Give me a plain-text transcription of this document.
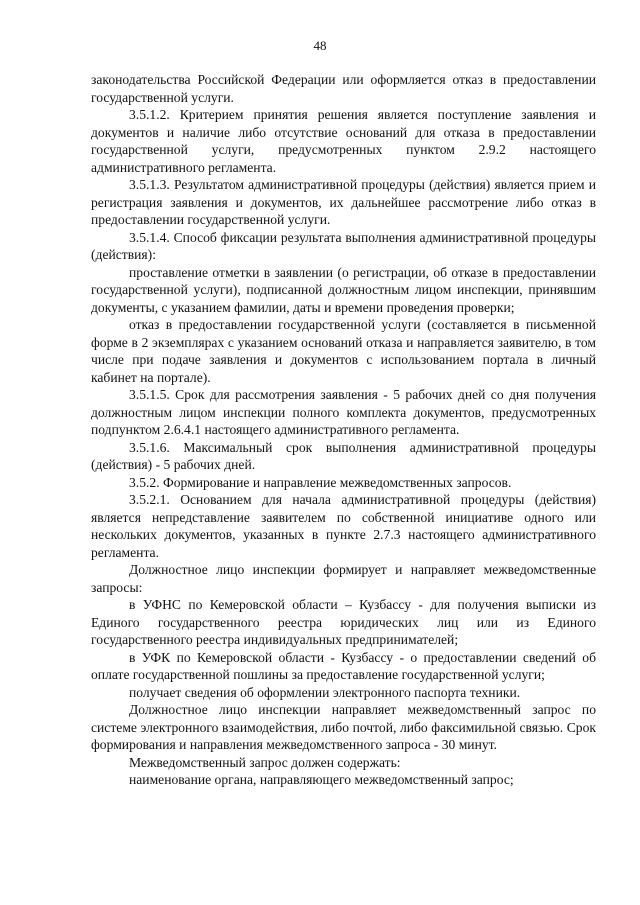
48

законодательства Российской Федерации или оформляется отказ в предоставлении государственной услуги.

3.5.1.2. Критерием принятия решения является поступление заявления и документов и наличие либо отсутствие оснований для отказа в предоставлении государственной услуги, предусмотренных пунктом 2.9.2 настоящего административного регламента.

3.5.1.3. Результатом административной процедуры (действия) является прием и регистрация заявления и документов, их дальнейшее рассмотрение либо отказ в предоставлении государственной услуги.

3.5.1.4. Способ фиксации результата выполнения административной процедуры (действия):

проставление отметки в заявлении (о регистрации, об отказе в предоставлении государственной услуги), подписанной должностным лицом инспекции, принявшим документы, с указанием фамилии, даты и времени проведения проверки;

отказ в предоставлении государственной услуги (составляется в письменной форме в 2 экземплярах с указанием оснований отказа и направляется заявителю, в том числе при подаче заявления и документов с использованием портала в личный кабинет на портале).

3.5.1.5. Срок для рассмотрения заявления - 5 рабочих дней со дня получения должностным лицом инспекции полного комплекта документов, предусмотренных подпунктом 2.6.4.1 настоящего административного регламента.

3.5.1.6. Максимальный срок выполнения административной процедуры (действия) - 5 рабочих дней.

3.5.2. Формирование и направление межведомственных запросов.

3.5.2.1. Основанием для начала административной процедуры (действия) является непредставление заявителем по собственной инициативе одного или нескольких документов, указанных в пункте 2.7.3 настоящего административного регламента.

Должностное лицо инспекции формирует и направляет межведомственные запросы:

в УФНС по Кемеровской области – Кузбассу - для получения выписки из Единого государственного реестра юридических лиц или из Единого государственного реестра индивидуальных предпринимателей;

в УФК по Кемеровской области - Кузбассу - о предоставлении сведений об оплате государственной пошлины за предоставление государственной услуги;

получает сведения об оформлении электронного паспорта техники.

Должностное лицо инспекции направляет межведомственный запрос по системе электронного взаимодействия, либо почтой, либо факсимильной связью. Срок формирования и направления межведомственного запроса - 30 минут.

Межведомственный запрос должен содержать:

наименование органа, направляющего межведомственный запрос;
